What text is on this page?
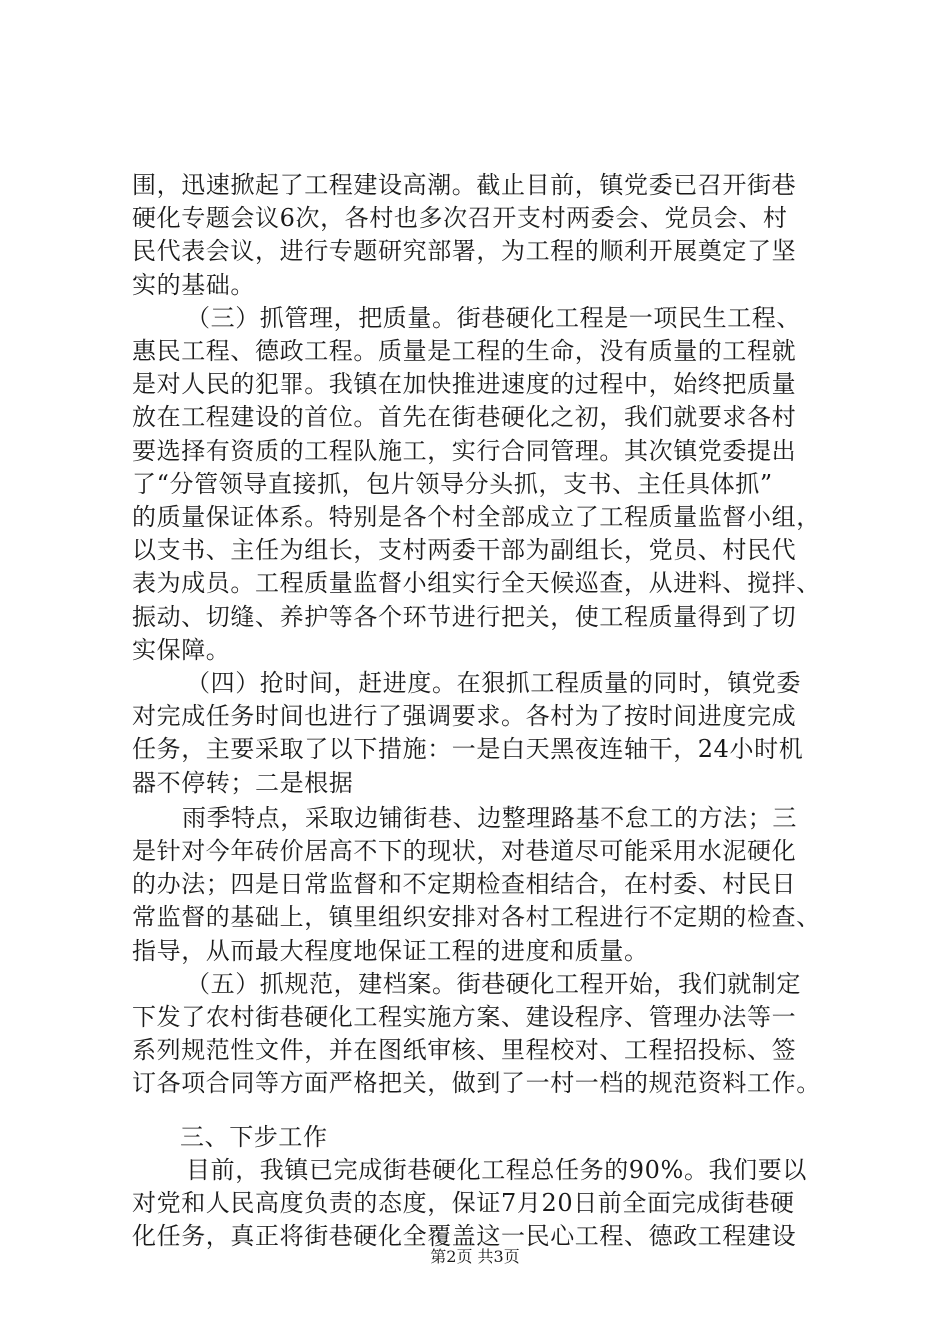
围，迅速掀起了工程建设高潮。截止目前，镇党委已召开街巷
硬化专题会议6次，各村也多次召开支村两委会、党员会、村
民代表会议，进行专题研究部署，为工程的顺利开展奠定了坚
实的基础。
（三）抓管理，把质量。街巷硬化工程是一项民生工程、
惠民工程、德政工程。质量是工程的生命，没有质量的工程就
是对人民的犯罪。我镇在加快推进速度的过程中，始终把质量
放在工程建设的首位。首先在街巷硬化之初，我们就要求各村
要选择有资质的工程队施工，实行合同管理。其次镇党委提出
了“分管领导直接抓，包片领导分头抓，支书、主任具体抓”
的质量保证体系。特别是各个村全部成立了工程质量监督小组，
以支书、主任为组长，支村两委干部为副组长，党员、村民代
表为成员。工程质量监督小组实行全天候巡查，从进料、搅拌、
振动、切缝、养护等各个环节进行把关，使工程质量得到了切
实保障。
（四）抢时间，赶进度。在狠抓工程质量的同时，镇党委
对完成任务时间也进行了强调要求。各村为了按时间进度完成
任务，主要采取了以下措施：一是白天黑夜连轴干，24小时机
器不停转；二是根据
雨季特点，采取边铺街巷、边整理路基不怠工的方法；三
是针对今年砖价居高不下的现状，对巷道尽可能采用水泥硬化
的办法；四是日常监督和不定期检查相结合，在村委、村民日
常监督的基础上，镇里组织安排对各村工程进行不定期的检查、
指导，从而最大程度地保证工程的进度和质量。
（五）抓规范，建档案。街巷硬化工程开始，我们就制定
下发了农村街巷硬化工程实施方案、建设程序、管理办法等一
系列规范性文件，并在图纸审核、里程校对、工程招投标、签
订各项合同等方面严格把关，做到了一村一档的规范资料工作。
三、下步工作
目前，我镇已完成街巷硬化工程总任务的90%。我们要以
对党和人民高度负责的态度，保证7月20日前全面完成街巷硬
化任务，真正将街巷硬化全覆盖这一民心工程、德政工程建设
第2页 共3页
